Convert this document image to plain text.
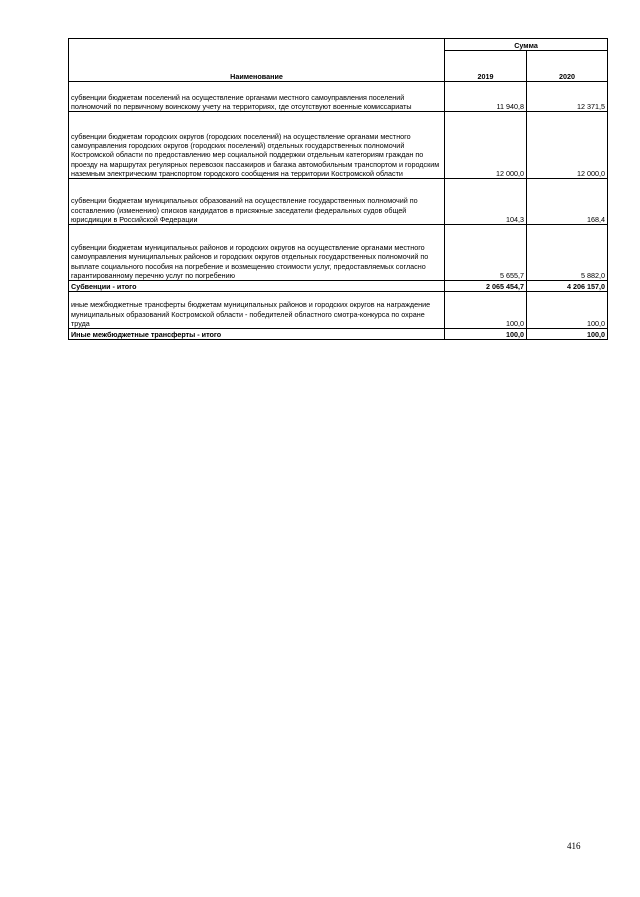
Наименование	Сумма	
	2019	2020
субвенции бюджетам поселений на осуществление органами местного самоуправления поселений полномочий по первичному воинскому учету на территориях, где отсутствуют военные комиссариаты	11 940,8	12 371,5
субвенции бюджетам городских округов (городских поселений) на осуществление органами местного самоуправления городских округов (городских поселений) отдельных государственных полномочий Костромской области по предоставлению мер социальной поддержки отдельным категориям граждан по проезду на маршрутах регулярных перевозок пассажиров и багажа автомобильным транспортом и городским наземным электрическим транспортом городского сообщения на территории Костромской области	12 000,0	12 000,0
субвенции бюджетам муниципальных образований на осуществление государственных полномочий по составлению (изменению) списков кандидатов в присяжные заседатели федеральных судов общей юрисдикции в Российской Федерации	104,3	168,4
субвенции бюджетам муниципальных районов и городских округов на осуществление органами местного самоуправления муниципальных районов и городских округов отдельных государственных полномочий по выплате социального пособия на погребение и возмещению стоимости услуг, предоставляемых согласно гарантированному перечню услуг по погребению	5 655,7	5 882,0
Субвенции - итого	2 065 454,7	4 206 157,0
иные межбюджетные трансферты бюджетам муниципальных районов и городских округов на награждение муниципальных образований Костромской области - победителей областного смотра-конкурса по охране труда	100,0	100,0
Иные межбюджетные трансферты - итого	100,0	100,0
416
